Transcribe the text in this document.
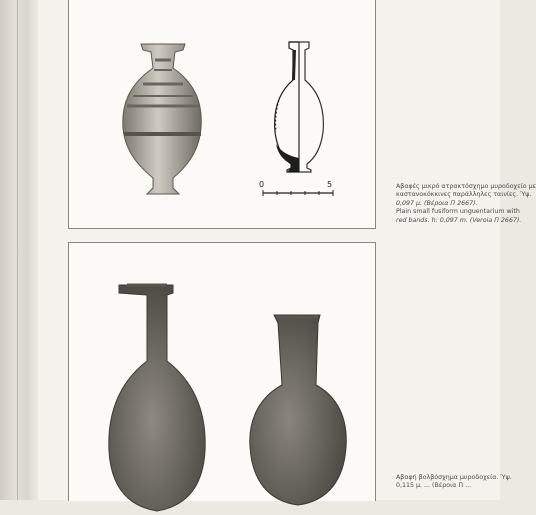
0	5	Αβαφές μικρό ατρακτόσχημο μυροδοχείο με
καστανοκόκκινες παράλληλες ταινίες. Ύψ.
0,097 μ. (Βέροια Π 2667).
Plain small fusiform unguentarium with
red bands. h: 0,097 m. (Veroia Π 2667).
Αβαφή βολβόσχημα μυροδοχεία. Ύψ.
0,115 μ. ... (Βέροια Π ...
